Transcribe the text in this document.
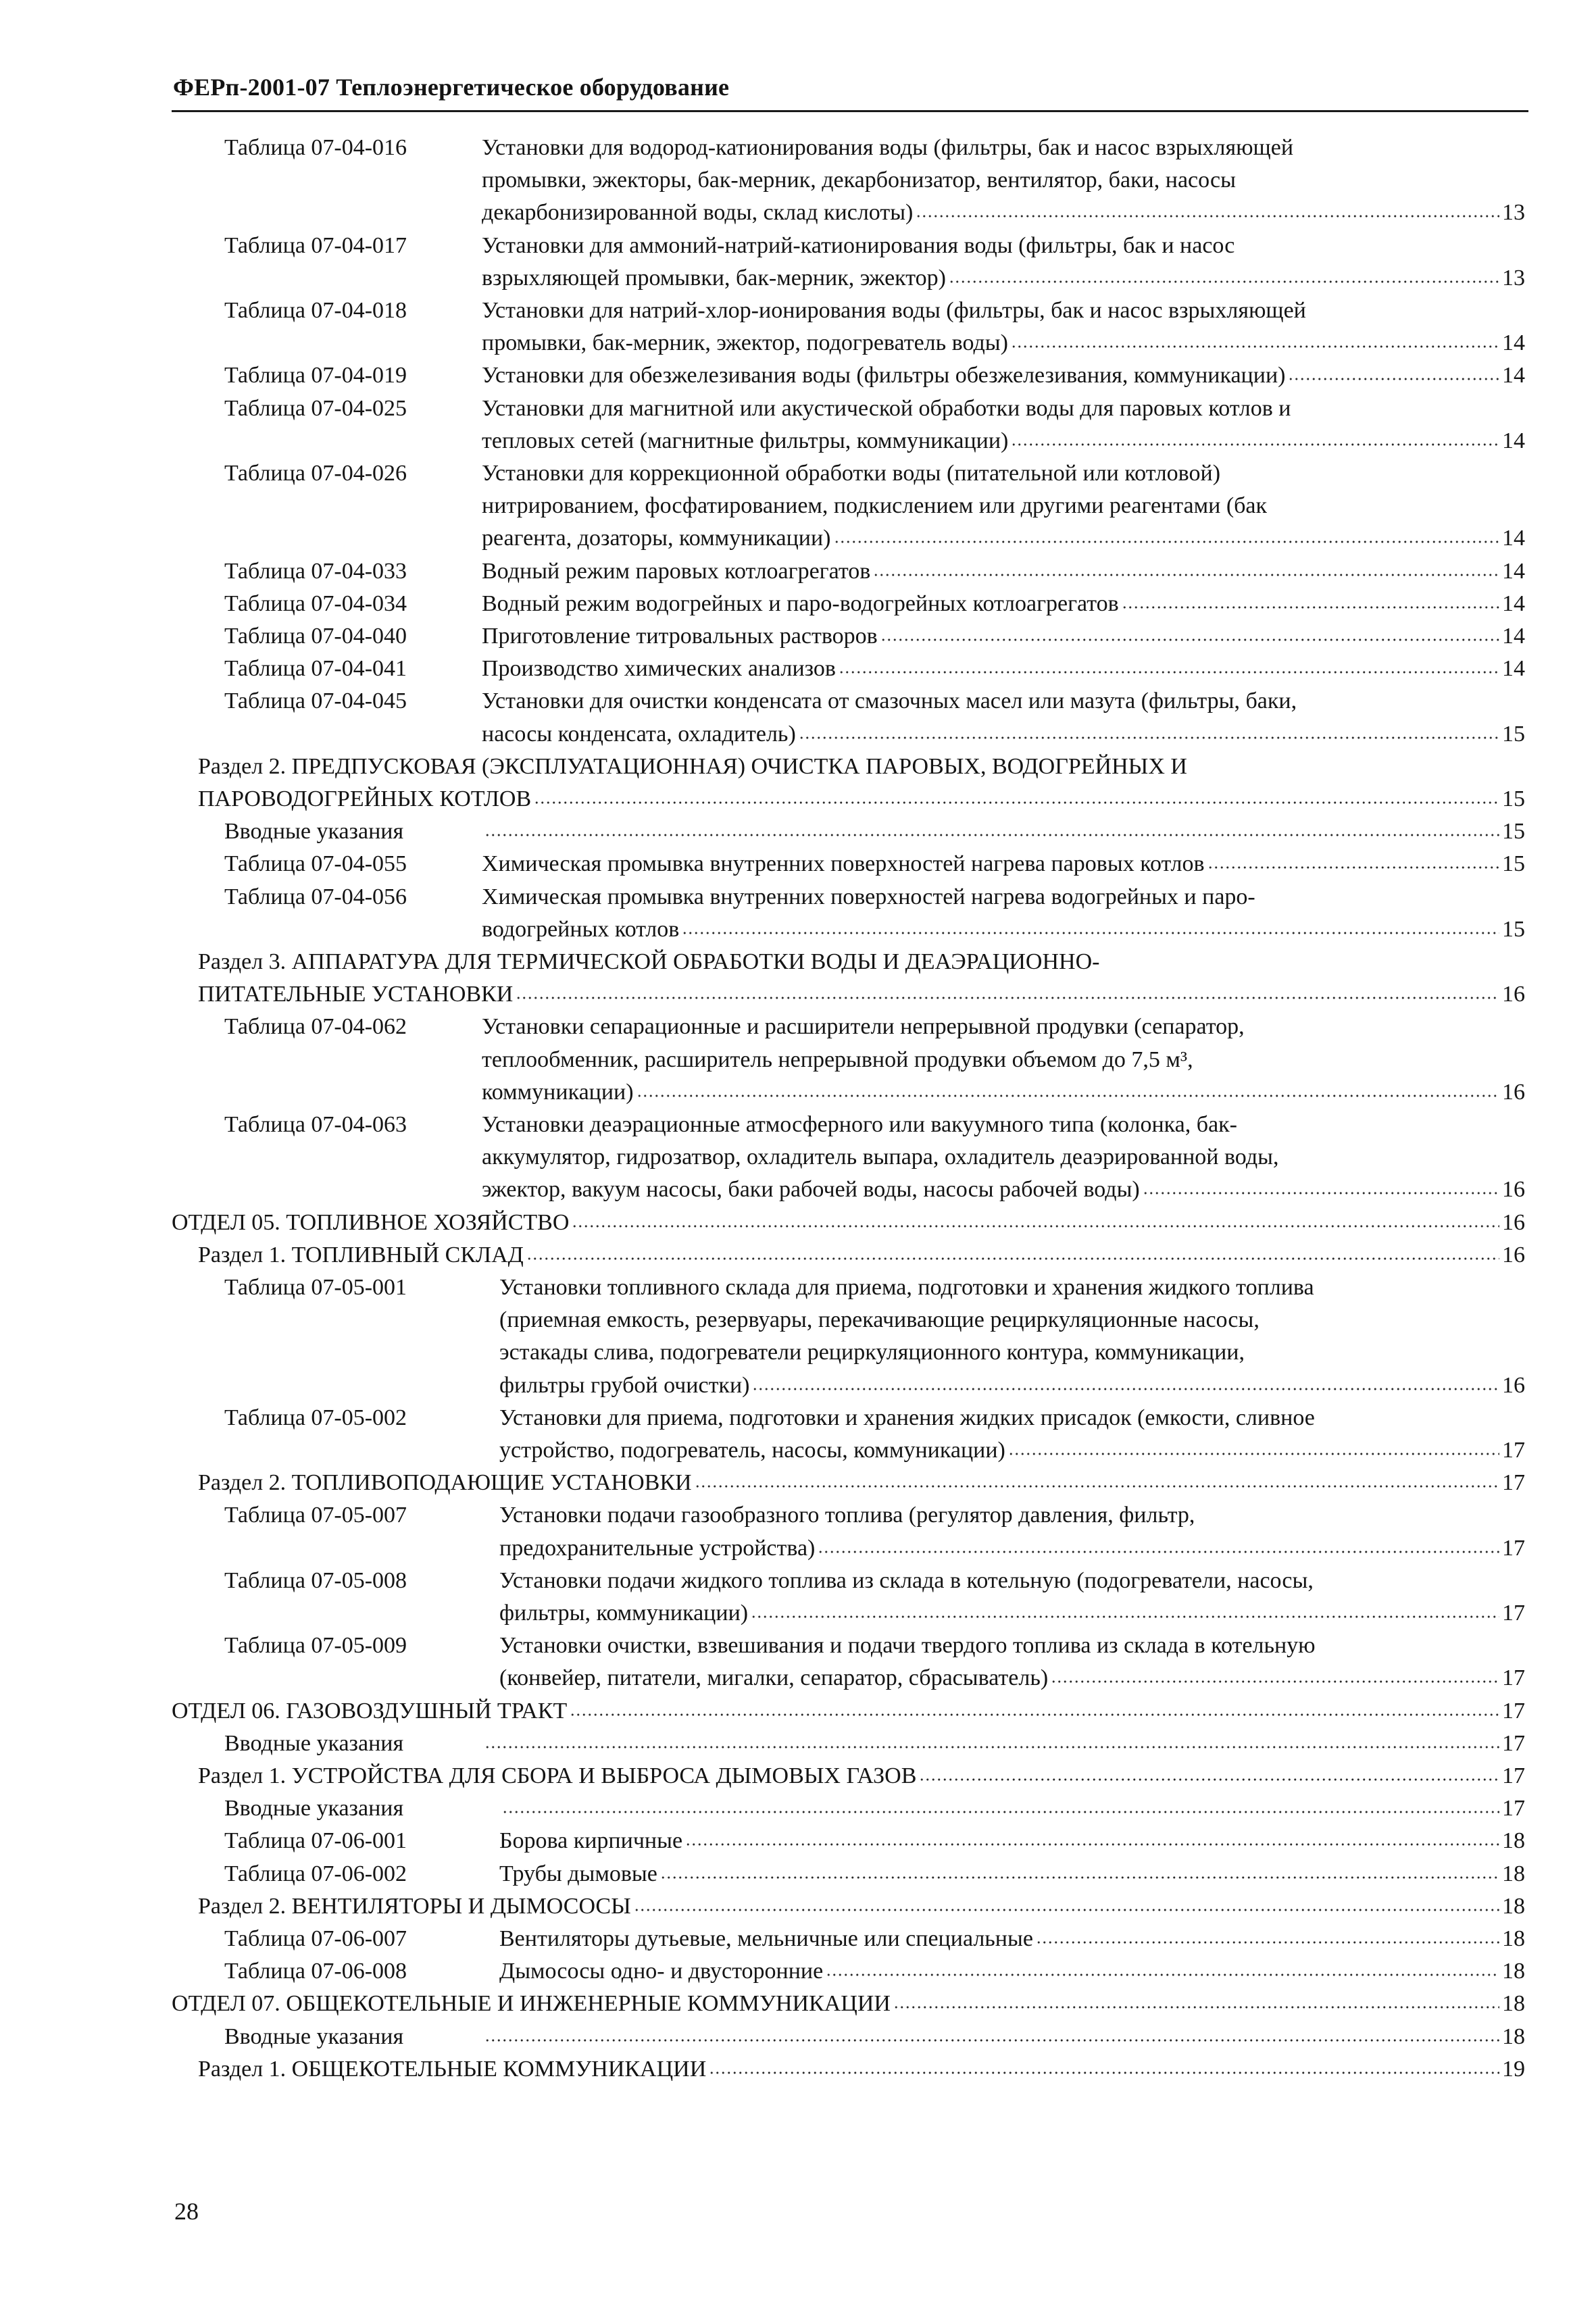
ФЕРп-2001-07 Теплоэнергетическое оборудование
Таблица 07-04-016	Установки для водород-катионирования воды (фильтры, бак и насос взрыхляющей
промывки, эжекторы, бак-мерник, декарбонизатор, вентилятор, баки, насосы
декарбонизированной воды, склад кислоты)	13
Таблица 07-04-017	Установки для аммоний-натрий-катионирования воды (фильтры, бак и насос
взрыхляющей промывки, бак-мерник, эжектор)	13
Таблица 07-04-018	Установки для натрий-хлор-ионирования воды (фильтры, бак и насос взрыхляющей
промывки, бак-мерник, эжектор, подогреватель воды)	14
Таблица 07-04-019	Установки для обезжелезивания воды (фильтры обезжелезивания, коммуникации)	14
Таблица 07-04-025	Установки для магнитной или акустической обработки воды для паровых котлов и
тепловых сетей (магнитные фильтры, коммуникации)	14
Таблица 07-04-026	Установки для коррекционной обработки воды (питательной или котловой)
нитрированием, фосфатированием, подкислением или другими реагентами (бак
реагента, дозаторы, коммуникации)	14
Таблица 07-04-033	Водный режим паровых котлоагрегатов	14
Таблица 07-04-034	Водный режим водогрейных и паро-водогрейных котлоагрегатов	14
Таблица 07-04-040	Приготовление титровальных растворов	14
Таблица 07-04-041	Производство химических анализов	14
Таблица 07-04-045	Установки для очистки конденсата от смазочных масел или мазута (фильтры, баки,
насосы конденсата, охладитель)	15
Раздел 2. ПРЕДПУСКОВАЯ (ЭКСПЛУАТАЦИОННАЯ) ОЧИСТКА ПАРОВЫХ, ВОДОГРЕЙНЫХ И
ПАРОВОДОГРЕЙНЫХ КОТЛОВ	15
Вводные указания	15
Таблица 07-04-055	Химическая промывка внутренних поверхностей нагрева паровых котлов	15
Таблица 07-04-056	Химическая промывка внутренних поверхностей нагрева водогрейных и паро-
водогрейных котлов	15
Раздел 3. АППАРАТУРА ДЛЯ ТЕРМИЧЕСКОЙ ОБРАБОТКИ ВОДЫ И ДЕАЭРАЦИОННО-
ПИТАТЕЛЬНЫЕ УСТАНОВКИ	16
Таблица 07-04-062	Установки сепарационные и расширители непрерывной продувки (сепаратор,
теплообменник, расширитель непрерывной продувки объемом до 7,5 м³,
коммуникации)	16
Таблица 07-04-063	Установки деаэрационные атмосферного или вакуумного типа (колонка, бак-
аккумулятор, гидрозатвор, охладитель выпара, охладитель деаэрированной воды,
эжектор, вакуум насосы, баки рабочей воды, насосы рабочей воды)	16
ОТДЕЛ 05. ТОПЛИВНОЕ ХОЗЯЙСТВО	16
Раздел 1. ТОПЛИВНЫЙ СКЛАД	16
Таблица 07-05-001	Установки топливного склада для приема, подготовки и хранения жидкого топлива
(приемная емкость, резервуары, перекачивающие рециркуляционные насосы,
эстакады слива, подогреватели рециркуляционного контура, коммуникации,
фильтры грубой очистки)	16
Таблица 07-05-002	Установки для приема, подготовки и хранения жидких присадок (емкости, сливное
устройство, подогреватель, насосы, коммуникации)	17
Раздел 2. ТОПЛИВОПОДАЮЩИЕ УСТАНОВКИ	17
Таблица 07-05-007	Установки подачи газообразного топлива (регулятор давления, фильтр,
предохранительные устройства)	17
Таблица 07-05-008	Установки подачи жидкого топлива из склада в котельную (подогреватели, насосы,
фильтры, коммуникации)	17
Таблица 07-05-009	Установки очистки, взвешивания и подачи твердого топлива из склада в котельную
(конвейер, питатели, мигалки, сепаратор, сбрасыватель)	17
ОТДЕЛ 06. ГАЗОВОЗДУШНЫЙ ТРАКТ	17
Вводные указания	17
Раздел 1. УСТРОЙСТВА ДЛЯ СБОРА И ВЫБРОСА ДЫМОВЫХ ГАЗОВ	17
Вводные указания	17
Таблица 07-06-001	Борова кирпичные	18
Таблица 07-06-002	Трубы дымовые	18
Раздел 2. ВЕНТИЛЯТОРЫ И ДЫМОСОСЫ	18
Таблица 07-06-007	Вентиляторы дутьевые, мельничные или специальные	18
Таблица 07-06-008	Дымососы одно- и двусторонние	18
ОТДЕЛ 07. ОБЩЕКОТЕЛЬНЫЕ И ИНЖЕНЕРНЫЕ КОММУНИКАЦИИ	18
Вводные указания	18
Раздел 1. ОБЩЕКОТЕЛЬНЫЕ КОММУНИКАЦИИ	19
28
